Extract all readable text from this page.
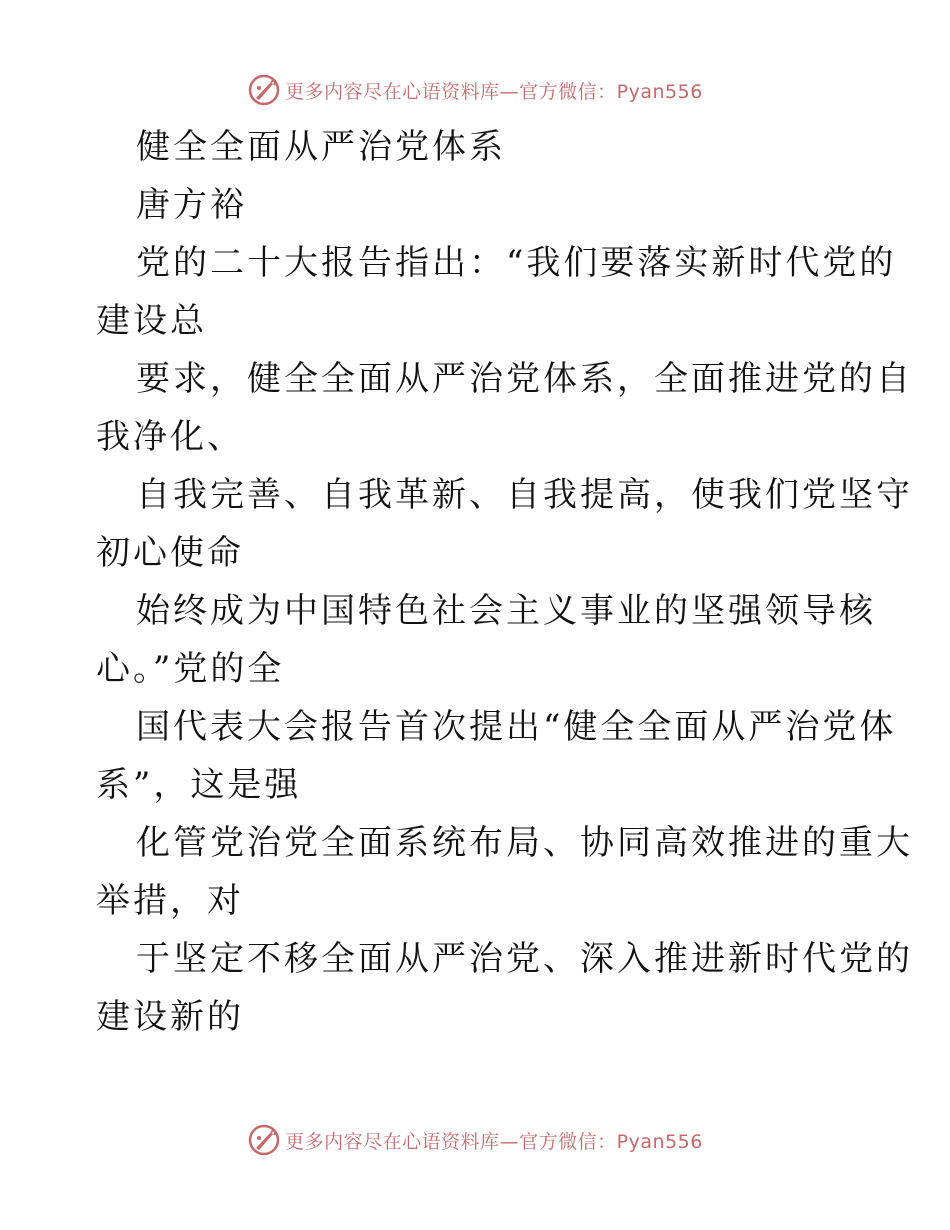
更多内容尽在心语资料库—官方微信：Pyan556
健全全面从严治党体系
唐方裕
党的二十大报告指出：“我们要落实新时代党的
建设总
要求，健全全面从严治党体系，全面推进党的自
我净化、
自我完善、自我革新、自我提高，使我们党坚守
初心使命
始终成为中国特色社会主义事业的坚强领导核
心。”党的全
国代表大会报告首次提出“健全全面从严治党体
系”，这是强
化管党治党全面系统布局、协同高效推进的重大
举措，对
于坚定不移全面从严治党、深入推进新时代党的
建设新的
更多内容尽在心语资料库—官方微信：Pyan556
